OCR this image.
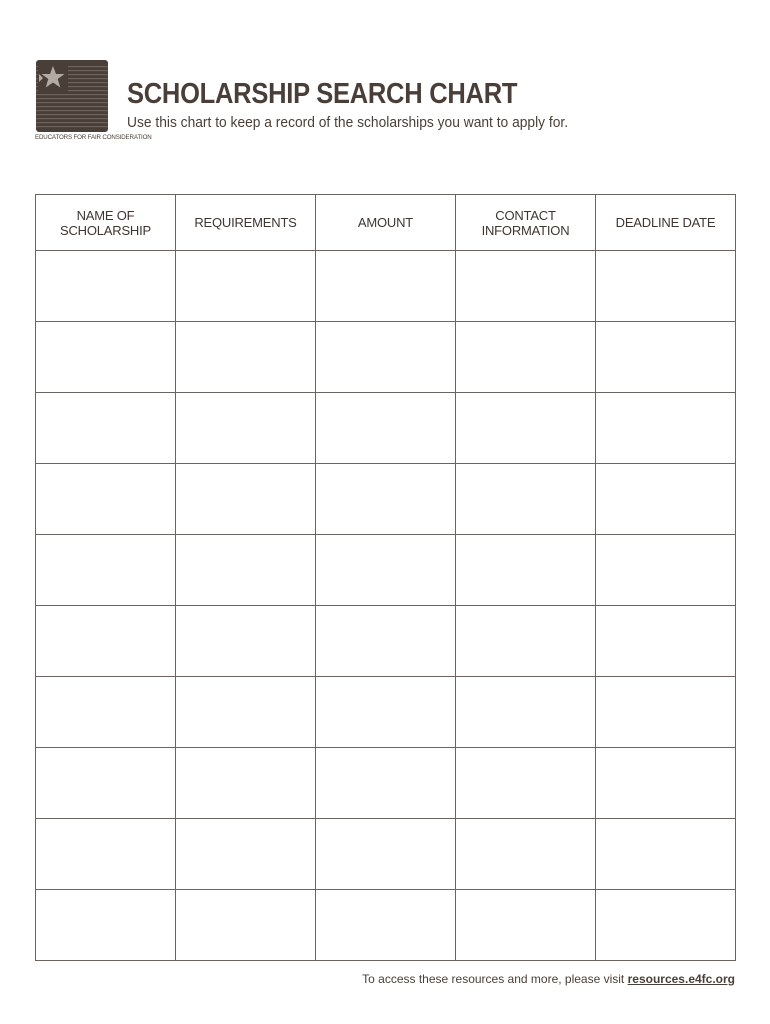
EDUCATORS FOR FAIR CONSIDERATION
SCHOLARSHIP SEARCH CHART
Use this chart to keep a record of the scholarships you want to apply for.
NAME OF SCHOLARSHIP	REQUIREMENTS	AMOUNT	CONTACT INFORMATION	DEADLINE DATE

To access these resources and more, please visit resources.e4fc.org
